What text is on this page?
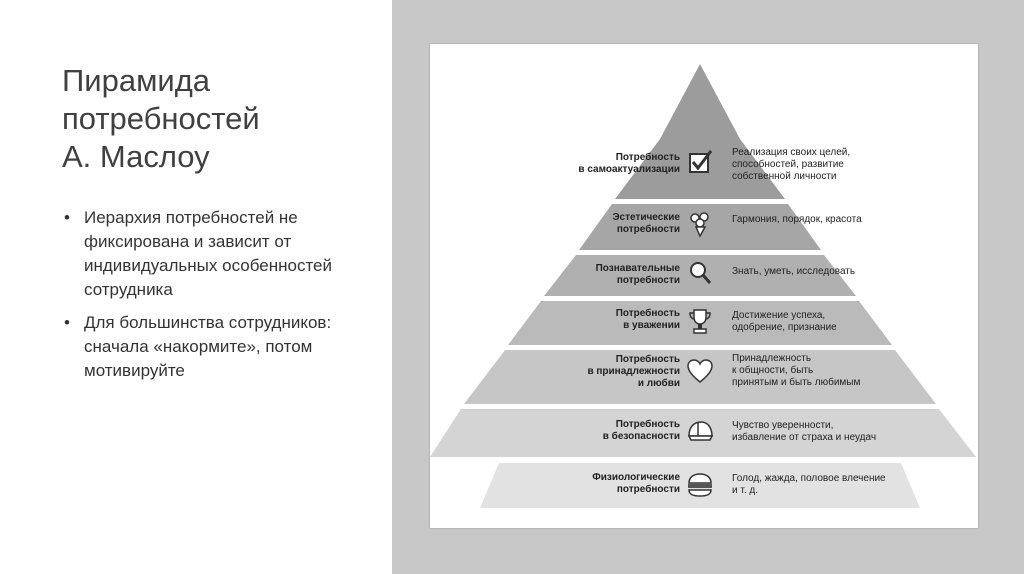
Пирамида
потребностей
А. Маслоу
• Иерархия потребностей не фиксирована и зависит от индивидуальных особенностей сотрудника
• Для большинства сотрудников: сначала «накормите», потом мотивируйте
Потребность
в самоактуализации
Реализация своих целей,
способностей, развитие
собственной личности
Эстетические
потребности
Гармония, порядок, красота
Познавательные
потребности
Знать, уметь, исследовать
Потребность
в уважении
Достижение успеха,
одобрение, признание
Потребность
в принадлежности
и любви
Принадлежность
к общности, быть
принятым и быть любимым
Потребность
в безопасности
Чувство уверенности,
избавление от страха и неудач
Физиологические
потребности
Голод, жажда, половое влечение
и т. д.
